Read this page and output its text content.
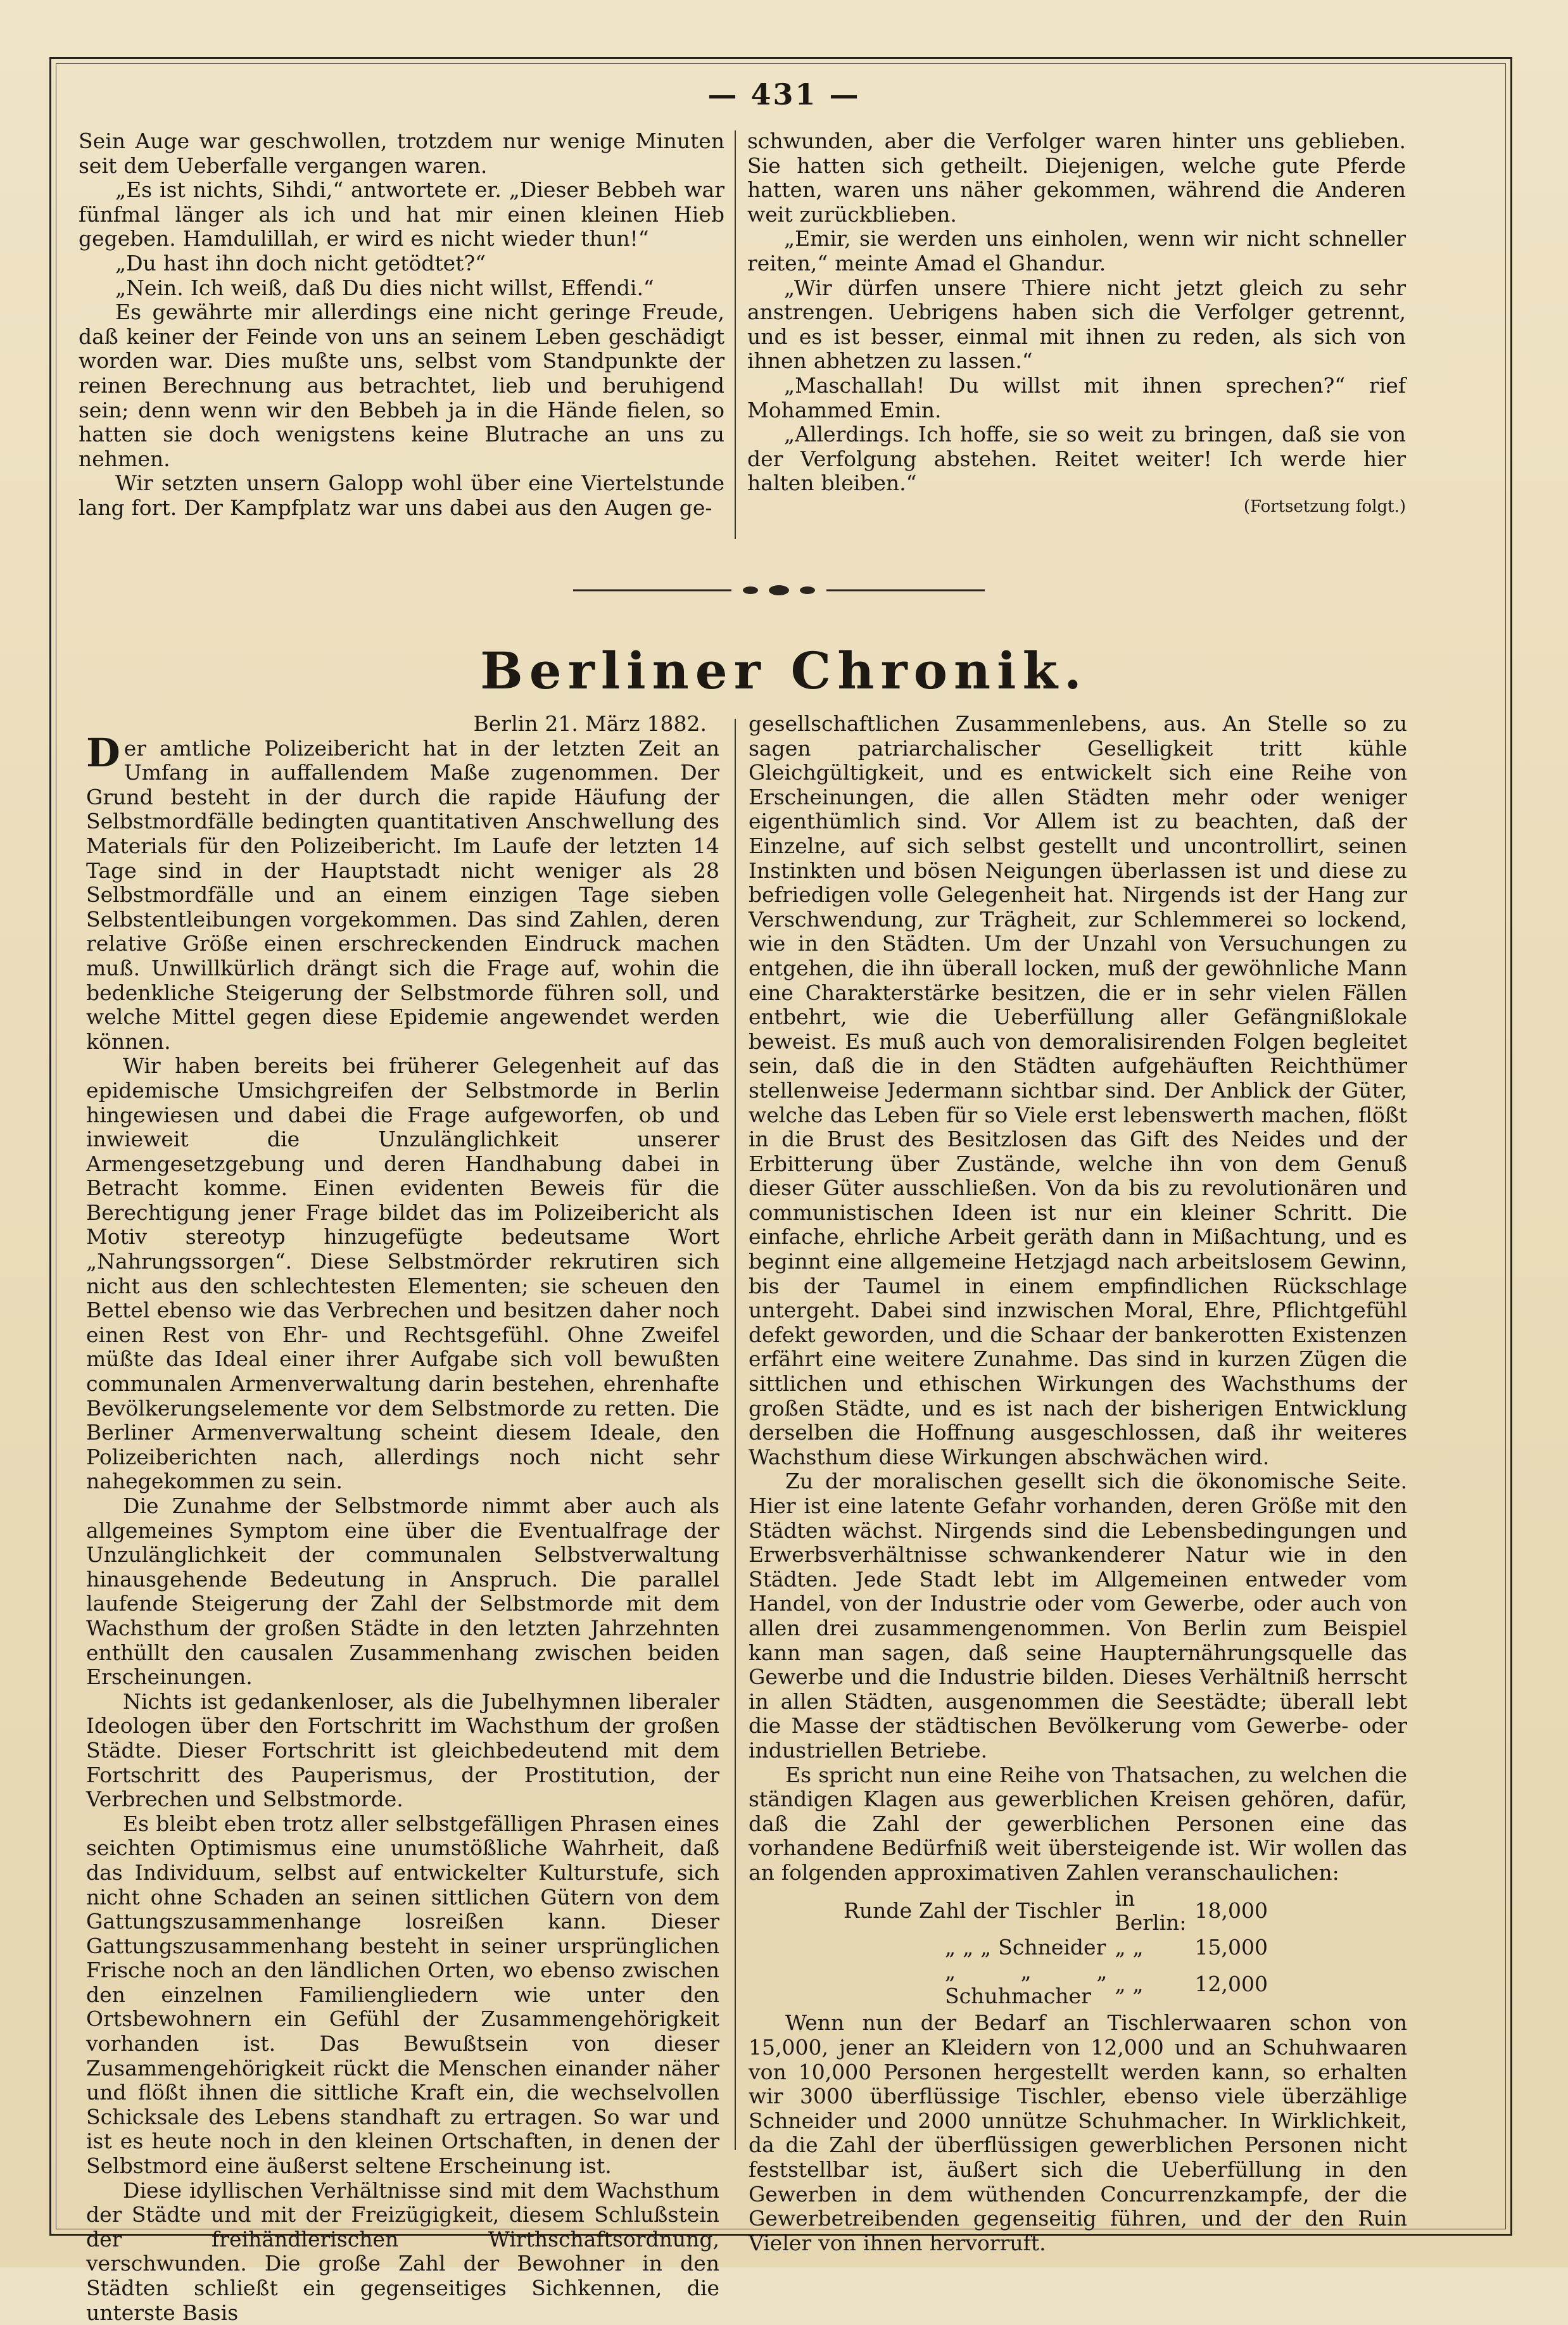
— 431 —

Sein Auge war geschwollen, trotzdem nur wenige Minuten seit dem Ueberfalle vergangen waren.

„Es ist nichts, Sihdi,“ antwortete er. „Dieser Bebbeh war fünfmal länger als ich und hat mir einen kleinen Hieb gegeben. Hamdulillah, er wird es nicht wieder thun!“

„Du hast ihn doch nicht getödtet?“

„Nein. Ich weiß, daß Du dies nicht willst, Effendi.“

Es gewährte mir allerdings eine nicht geringe Freude, daß keiner der Feinde von uns an seinem Leben geschädigt worden war. Dies mußte uns, selbst vom Standpunkte der reinen Berechnung aus betrachtet, lieb und beruhigend sein; denn wenn wir den Bebbeh ja in die Hände fielen, so hatten sie doch wenigstens keine Blutrache an uns zu nehmen.

Wir setzten unsern Galopp wohl über eine Viertelstunde lang fort. Der Kampfplatz war uns dabei aus den Augen ge-

schwunden, aber die Verfolger waren hinter uns geblieben. Sie hatten sich getheilt. Diejenigen, welche gute Pferde hatten, waren uns näher gekommen, während die Anderen weit zurückblieben.

„Emir, sie werden uns einholen, wenn wir nicht schneller reiten,“ meinte Amad el Ghandur.

„Wir dürfen unsere Thiere nicht jetzt gleich zu sehr anstrengen. Uebrigens haben sich die Verfolger getrennt, und es ist besser, einmal mit ihnen zu reden, als sich von ihnen abhetzen zu lassen.“

„Maschallah! Du willst mit ihnen sprechen?“ rief Mohammed Emin.

„Allerdings. Ich hoffe, sie so weit zu bringen, daß sie von der Verfolgung abstehen. Reitet weiter! Ich werde hier halten bleiben.“

(Fortsetzung folgt.)
Berliner Chronik.

Berlin 21. März 1882.

Der amtliche Polizeibericht hat in der letzten Zeit an Umfang in auffallendem Maße zugenommen. Der Grund besteht in der durch die rapide Häufung der Selbstmordfälle bedingten quantitativen Anschwellung des Materials für den Polizeibericht. Im Laufe der letzten 14 Tage sind in der Hauptstadt nicht weniger als 28 Selbstmordfälle und an einem einzigen Tage sieben Selbstentleibungen vorgekommen. Das sind Zahlen, deren relative Größe einen erschreckenden Eindruck machen muß. Unwillkürlich drängt sich die Frage auf, wohin die bedenkliche Steigerung der Selbstmorde führen soll, und welche Mittel gegen diese Epidemie angewendet werden können.

Wir haben bereits bei früherer Gelegenheit auf das epidemische Umsichgreifen der Selbstmorde in Berlin hingewiesen und dabei die Frage aufgeworfen, ob und inwieweit die Unzulänglichkeit unserer Armengesetzgebung und deren Handhabung dabei in Betracht komme. Einen evidenten Beweis für die Berechtigung jener Frage bildet das im Polizeibericht als Motiv stereotyp hinzugefügte bedeutsame Wort „Nahrungssorgen“. Diese Selbstmörder rekrutiren sich nicht aus den schlechtesten Elementen; sie scheuen den Bettel ebenso wie das Verbrechen und besitzen daher noch einen Rest von Ehr- und Rechtsgefühl. Ohne Zweifel müßte das Ideal einer ihrer Aufgabe sich voll bewußten communalen Armenverwaltung darin bestehen, ehrenhafte Bevölkerungselemente vor dem Selbstmorde zu retten. Die Berliner Armenverwaltung scheint diesem Ideale, den Polizeiberichten nach, allerdings noch nicht sehr nahegekommen zu sein.

Die Zunahme der Selbstmorde nimmt aber auch als allgemeines Symptom eine über die Eventualfrage der Unzulänglichkeit der communalen Selbstverwaltung hinausgehende Bedeutung in Anspruch. Die parallel laufende Steigerung der Zahl der Selbstmorde mit dem Wachsthum der großen Städte in den letzten Jahrzehnten enthüllt den causalen Zusammenhang zwischen beiden Erscheinungen.

Nichts ist gedankenloser, als die Jubelhymnen liberaler Ideologen über den Fortschritt im Wachsthum der großen Städte. Dieser Fortschritt ist gleichbedeutend mit dem Fortschritt des Pauperismus, der Prostitution, der Verbrechen und Selbstmorde.

Es bleibt eben trotz aller selbstgefälligen Phrasen eines seichten Optimismus eine unumstößliche Wahrheit, daß das Individuum, selbst auf entwickelter Kulturstufe, sich nicht ohne Schaden an seinen sittlichen Gütern von dem Gattungszusammenhange losreißen kann. Dieser Gattungszusammenhang besteht in seiner ursprünglichen Frische noch an den ländlichen Orten, wo ebenso zwischen den einzelnen Familiengliedern wie unter den Ortsbewohnern ein Gefühl der Zusammengehörigkeit vorhanden ist. Das Bewußtsein von dieser Zusammengehörigkeit rückt die Menschen einander näher und flößt ihnen die sittliche Kraft ein, die wechselvollen Schicksale des Lebens standhaft zu ertragen. So war und ist es heute noch in den kleinen Ortschaften, in denen der Selbstmord eine äußerst seltene Erscheinung ist.

Diese idyllischen Verhältnisse sind mit dem Wachsthum der Städte und mit der Freizügigkeit, diesem Schlußstein der freihändlerischen Wirthschaftsordnung, verschwunden. Die große Zahl der Bewohner in den Städten schließt ein gegenseitiges Sichkennen, die unterste Basis

gesellschaftlichen Zusammenlebens, aus. An Stelle so zu sagen patriarchalischer Geselligkeit tritt kühle Gleichgültigkeit, und es entwickelt sich eine Reihe von Erscheinungen, die allen Städten mehr oder weniger eigenthümlich sind. Vor Allem ist zu beachten, daß der Einzelne, auf sich selbst gestellt und uncontrollirt, seinen Instinkten und bösen Neigungen überlassen ist und diese zu befriedigen volle Gelegenheit hat. Nirgends ist der Hang zur Verschwendung, zur Trägheit, zur Schlemmerei so lockend, wie in den Städten. Um der Unzahl von Versuchungen zu entgehen, die ihn überall locken, muß der gewöhnliche Mann eine Charakterstärke besitzen, die er in sehr vielen Fällen entbehrt, wie die Ueberfüllung aller Gefängnißlokale beweist. Es muß auch von demoralisirenden Folgen begleitet sein, daß die in den Städten aufgehäuften Reichthümer stellenweise Jedermann sichtbar sind. Der Anblick der Güter, welche das Leben für so Viele erst lebenswerth machen, flößt in die Brust des Besitzlosen das Gift des Neides und der Erbitterung über Zustände, welche ihn von dem Genuß dieser Güter ausschließen. Von da bis zu revolutionären und communistischen Ideen ist nur ein kleiner Schritt. Die einfache, ehrliche Arbeit geräth dann in Mißachtung, und es beginnt eine allgemeine Hetzjagd nach arbeitslosem Gewinn, bis der Taumel in einem empfindlichen Rückschlage untergeht. Dabei sind inzwischen Moral, Ehre, Pflichtgefühl defekt geworden, und die Schaar der bankerotten Existenzen erfährt eine weitere Zunahme. Das sind in kurzen Zügen die sittlichen und ethischen Wirkungen des Wachsthums der großen Städte, und es ist nach der bisherigen Entwicklung derselben die Hoffnung ausgeschlossen, daß ihr weiteres Wachsthum diese Wirkungen abschwächen wird.

Zu der moralischen gesellt sich die ökonomische Seite. Hier ist eine latente Gefahr vorhanden, deren Größe mit den Städten wächst. Nirgends sind die Lebensbedingungen und Erwerbsverhältnisse schwankenderer Natur wie in den Städten. Jede Stadt lebt im Allgemeinen entweder vom Handel, von der Industrie oder vom Gewerbe, oder auch von allen drei zusammengenommen. Von Berlin zum Beispiel kann man sagen, daß seine Haupternährungsquelle das Gewerbe und die Industrie bilden. Dieses Verhältniß herrscht in allen Städten, ausgenommen die Seestädte; überall lebt die Masse der städtischen Bevölkerung vom Gewerbe- oder industriellen Betriebe.

Es spricht nun eine Reihe von Thatsachen, zu welchen die ständigen Klagen aus gewerblichen Kreisen gehören, dafür, daß die Zahl der gewerblichen Personen eine das vorhandene Bedürfniß weit übersteigende ist. Wir wollen das an folgenden approximativen Zahlen veranschaulichen:

Runde Zahl der Tischler	in Berlin:	18,000
„ „ „ Schneider	„ „	15,000
„ „ „ Schuhmacher	„ „	12,000

Wenn nun der Bedarf an Tischlerwaaren schon von 15,000, jener an Kleidern von 12,000 und an Schuhwaaren von 10,000 Personen hergestellt werden kann, so erhalten wir 3000 überflüssige Tischler, ebenso viele überzählige Schneider und 2000 unnütze Schuhmacher. In Wirklichkeit, da die Zahl der überflüssigen gewerblichen Personen nicht feststellbar ist, äußert sich die Ueberfüllung in den Gewerben in dem wüthenden Concurrenzkampfe, der die Gewerbetreibenden gegenseitig führen, und der den Ruin Vieler von ihnen hervorruft.
